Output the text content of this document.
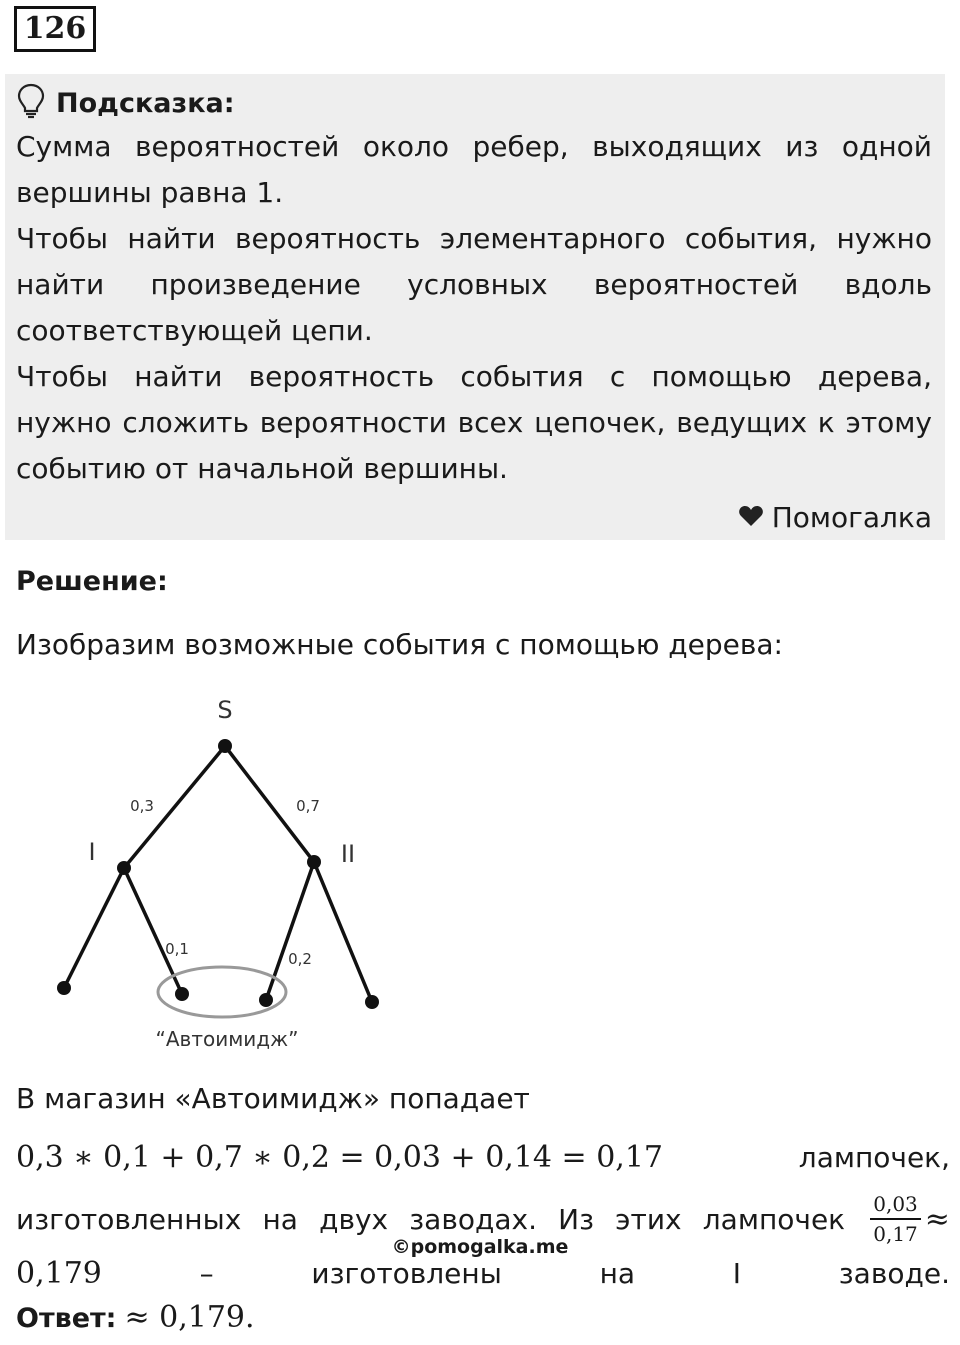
126
Подсказка:

Сумма вероятностей около ребер, выходящих из одной вершины равна 1.

Чтобы найти вероятность элементарного события, нужно найти произведение условных вероятностей вдоль соответствующей цепи.

Чтобы найти вероятность события с помощью дерева, нужно сложить вероятности всех цепочек, ведущих к этому событию от начальной вершины.

Помогалка
Решение:
Изобразим возможные события с помощью дерева:
S
I	II
0,3	0,7
0,1
0,2
“Автоимидж”
В магазин «Автоимидж» попадает
0,3 ∗ 0,1 + 0,7 ∗ 0,2 = 0,03 + 0,14 = 0,17	лампочек,
изготовленных на двух заводах. Из этих лампочек $\frac{0,03}{0,17}$ ≈
©pomogalka.me
0,179	–	изготовлены	на	I	заводе.
Ответ: ≈ 0,179.
